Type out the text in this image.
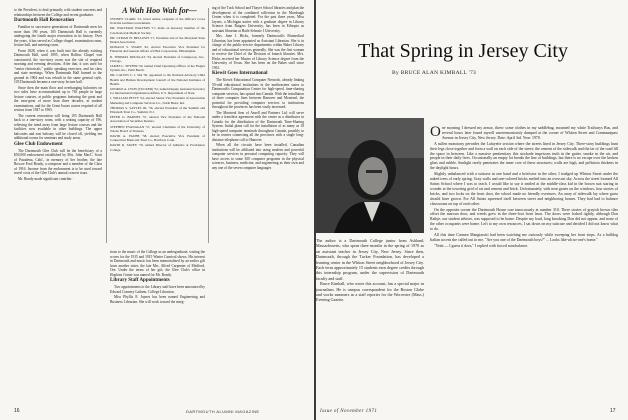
to the President, to deal primarily with student concerns and relationships between the College and recent graduates.

Dartmouth Hall Renovation

Familiar to successive generations of Dartmouth men for more than 190 years, 105 Dartmouth Hall is currently undergoing the fourth major renovation in its history. Over the years, it has served as College chapel, examination room, lecture hall, and meeting room.

From 1828, when it was built into the already existing Dartmouth Hall, until 1895, when Rollins Chapel was constructed, the two-story room was the site of required morning and evening devotions. After that, it was used for "senior rhetoricals," public speaking exercises, and for class and state meetings. When Dartmouth Hall burned to the ground in 1904 and was rebuilt in the same general style, 105 Dartmouth became a one-story lecture hall.

Since then the main floor and overhanging balconies on two sides have accommodated up to 765 people in large lecture courses, at public programs featuring the great and the near-great of more than three decades, at student examinations, and for the Great Issues course required of all seniors from 1947 to 1965.

The current renovation will bring 105 Dartmouth Hall back to a one-story room, with a seating capacity of 196, relieving the trend away from large lecture courses and the facilities now available in other buildings. The upper balconies and east balcony will be closed off, yielding ten additional rooms for seminars and study areas.

Glee Club Endowment

The Dartmouth Glee Club will be the beneficiary of a $50,000 endowment established by Mrs. John MacC. Scott of Pasadena, Calif., in memory of her brother, the late Roscoe Ford Bondy, a composer and a member of the Class of 1916. Income from the endowment is to be used toward travel costs of the Glee Club's annual concert tours.

Mr. Bondy made significant contribu-

A Wah Hoo Wah for—

SYDNEY CLARK '12, travel author, recipient of the Officer's Cross from the German Government.

DR. WALTMAN WALTERS '17, made an honorary member of the Czechoslovak Medical Society.

DR. LYMAN H. BELLOWS '17, President and of the Maryland State Dental Association.

DONALD S. SWAIN '42, elected Executive Vice President for Financial and General Affairs of DNA Corporation, Philadelphia.

R. THOMAS DOUGLAS '34, elected President of Compucorp, Inc., Chicago.

JAMES L. SEYFER '50, named Chief Operating Officer of the Flagler System, Inc., Palm Beach.

DR. CALVIN C. J. SIA '50, appointed to the National Advisory Child Health and Human Development Council of the National Institutes of Health.

GEORGE A. LYON (TUCKER) '52, named Deputy Assistant Secretary for International Organization Affairs, U.S. Department of State.

J. WILLIAM PETTY '54, elected Senior Vice President of Association Marketing and Computer Services Co., North Bend, Ind.

THOMAS S. SAYLES JR. '56, elected President of the Summit and Elizabeth Trust Co., Summit, N.J.

PETER G. BARNES '57, elected Vice President of the National Association of Securities Dealers.

STEPHEN EVANAGAN '57, elected Chairman of the University of Toledo Board of Trustees.

DAVID A. FAUBE '58, elected Executive Vice President of Connecticut Bank and Trust Co., Hartford, Conn.

DAVID R. SAVEY '70, named Director of Athletics at Providence College.

tions to the music of the College as an undergraduate, writing the scores for the 1915 and 1915 Winter Carnival shows. His interest in Dartmouth and music has been memorialized by an earlier gift from another sister, the late Mrs. Alfred Carpenter of Medford, Ore. Under the terms of her gift, the Glee Club's office in Hopkins Center was named for Mr. Bondy.

Library Staff Appointments

Two appointments to the Library staff have been announced by Edward Connery Lathem, College Librarian.

Miss Phyllis E. Jaynes has been named Engineering and Business Librarian. She will work toward the merg-

ing of the Tuck School and Thayer School libraries and plan the development of the combined collection in the Murdough Center when it is completed. For the past three years, Miss Jaynes, a Michigan native with a graduate degree in Library Science from Rutgers University, has been in Ethiopia as assistant librarian at Haile Selassie I University.

Mrs. June I. Hicks, formerly Dartmouth's Biomedical Librarian, has been appointed as Assistant Librarian. She is in charge of the public-service departments within Baker Library and of educational services generally. She was the first woman to receive the Chief of the Division of branch libraries. Mrs. Hicks received her Master of Library Science degree from the University of Texas. She has been on the Baker staff since 1961.

Kiewit Goes International

The Kiewit Educational Computer Network, already linking 50-odd educational institutions in the northeastern states to Dartmouth's Computation Center for high-speed, time-sharing computer services, has spread into Canada. With the installation of three computer lines between Hanover and Montreal, the potential for providing computer services to institutions throughout the provinces has been vastly increased.

The Montreal firm of Ansell and Partners Ltd. will serve under a franchise agreement with the center as a distributor in Canada for the distribution of the Dartmouth Time-Sharing System. Initial plans call for the installation of as many as 18 high-speed computer terminals throughout Canada, possibly to be in centres connecting all the provinces with a single long-distance telephone call to Hanover.

When all the circuits have been installed, Canadian institutions will be affiliated into using modern and powerful computer services in personal computing capacity. They will have access to some 300 computer programs in the physical sciences, business, medicine, and engineering as their own and any one of the seven computer languages

16	DARTMOUTH ALUMNI MAGAZINE
That Spring in Jersey City
By BRUCE ALAN KIMBALL '73

The author is a Dartmouth College junior from Ashland, Massachusetts, who spent three months in the spring of 1970 as an assistant teacher in Jersey City, New Jersey. Since then, Dartmouth, through the Tucker Foundation, has developed a learning center in the Whiton Street neighborhood of Jersey City. Each term approximately 15 students earn degree credits through this internship program, under the supervision of Dartmouth faculty and staff.

Bruce Kimball, who wrote this account, has a special major in journalism. He is campus correspondent for the Boston Globe and works summers as a staff reporter for the Worcester (Mass.) Evening Gazette.

One morning I dressed my armor, threw some clothes in my saddlebag, mounted my white Trailways Bus, and several hours later found myself unceremoniously dumped at the corner of Whiton Street and Communipaw Avenue in Jersey City, New Jersey. Date: April 3rd. Year: 1970.

A sullen monotony pervades the Lafayette section where the streets lined in Jersey City. Three-story buildings hunt their legs close together and form a wall on each side of the street; the cement of the sidewalk and the tar of the road fill the space in between. Like a massive penitentiary this stockade imprisons truth in the gutter, smoke in the air, and people in their daily lives. Occasionally an empty lot breaks the line of buildings, but there is no escape over the broken glass and rubble. Sunlight rarely penetrates the inner core of these structures; walls are high, and pollution thickens in the daylight hours.

Slightly unbalanced with a suitcase in one hand and a briefcase in the other, I trudged up Whiton Street under the naked trees of early spring. Gray walls and one-colored bricks melted into an overcast sky. Across the street loomed All Saints School where I was to teach. I would like to say it smiled at the middle-class kid in the brown suit staring in wonder at the towering grid of rat and cement and brick. Unfortunately, with neat grates on the windows, four stories of bricks, and two locks on the front door, the school made no friendly overtures. An array of sidewalk lay where grass should have grown. For All Saints squeezed itself between street and neighboring homes. They had had to balance classrooms on top of each other.

On the opposite corner the Dartmouth House rose innocuously at number 310. Three stories of grayish brown tiles offset the maroon door, and weeds grew in the three-foot front lawn. The doors were locked tightly, although Don Rathje, our student adviser, was supposed to be home. Despite my loud, long knocking Don did not appear, and none of the other occupants were home. Left to my own resources, I sat down on my suitcase and decided I did not know what to do.

All this time Carmen Mangiarotti had been watching me curiously while sweeping her front steps. As a bulldog Italian accent she called out to me, "Are you one of the Dartmouth boys?" ... Looks like-uh no-one's home."

"Yeah — I guess it does," I replied with forced nonchalance.

Issue of November 1971	17
